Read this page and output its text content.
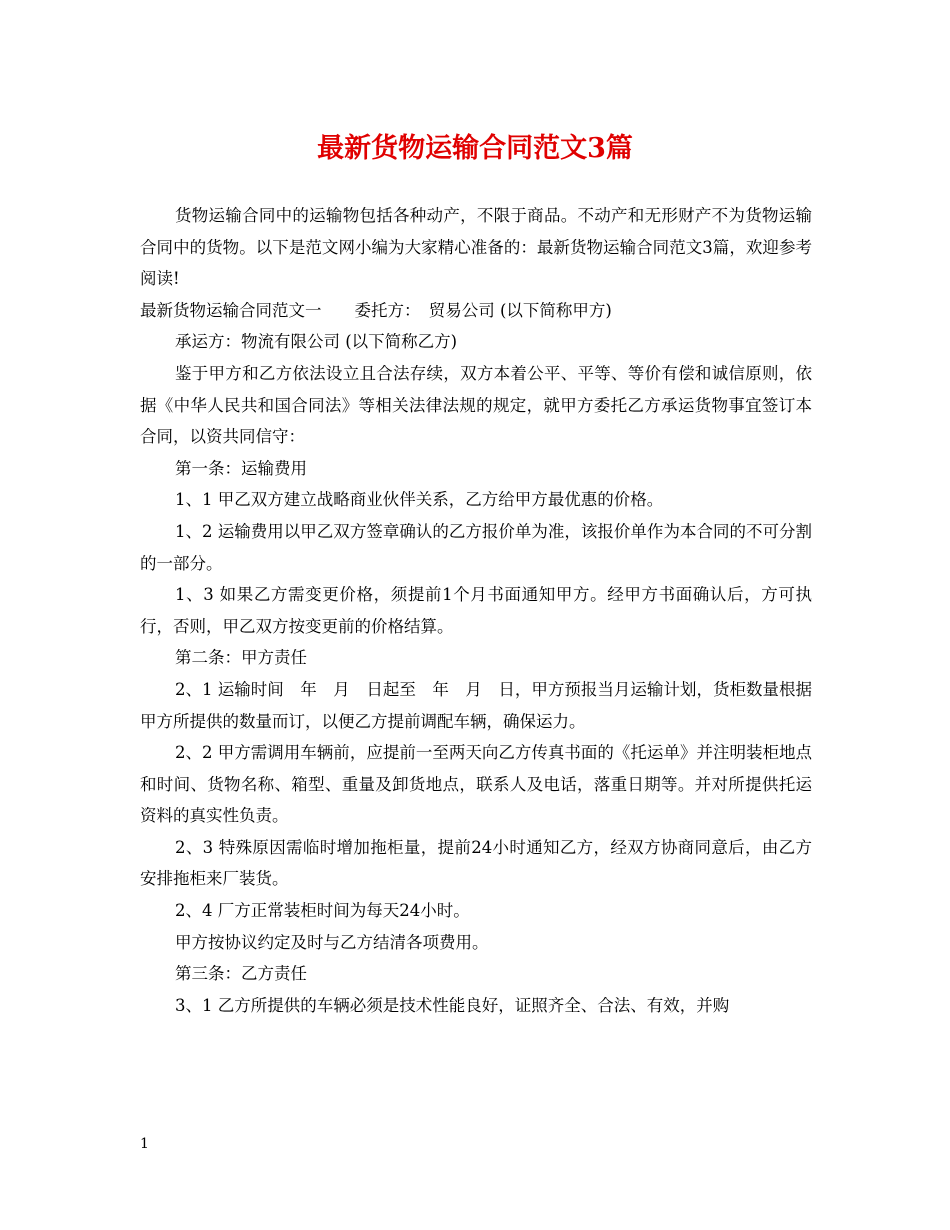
最新货物运输合同范文3篇

货物运输合同中的运输物包括各种动产，不限于商品。不动产和无形财产不为货物运输合同中的货物。以下是范文网小编为大家精心准备的：最新货物运输合同范文3篇，欢迎参考阅读!

最新货物运输合同范文一　　委托方：　贸易公司 (以下简称甲方)

承运方：物流有限公司 (以下简称乙方)

鉴于甲方和乙方依法设立且合法存续，双方本着公平、平等、等价有偿和诚信原则，依据《中华人民共和国合同法》等相关法律法规的规定，就甲方委托乙方承运货物事宜签订本合同，以资共同信守：

第一条：运输费用

1、1 甲乙双方建立战略商业伙伴关系，乙方给甲方最优惠的价格。

1、2 运输费用以甲乙双方签章确认的乙方报价单为准，该报价单作为本合同的不可分割的一部分。

1、3 如果乙方需变更价格，须提前1个月书面通知甲方。经甲方书面确认后，方可执行，否则，甲乙双方按变更前的价格结算。

第二条：甲方责任

2、1 运输时间　年　月　日起至　年　月　日，甲方预报当月运输计划，货柜数量根据甲方所提供的数量而订，以便乙方提前调配车辆，确保运力。

2、2 甲方需调用车辆前，应提前一至两天向乙方传真书面的《托运单》并注明装柜地点和时间、货物名称、箱型、重量及卸货地点，联系人及电话，落重日期等。并对所提供托运资料的真实性负责。

2、3 特殊原因需临时增加拖柜量，提前24小时通知乙方，经双方协商同意后，由乙方安排拖柜来厂装货。

2、4 厂方正常装柜时间为每天24小时。

甲方按协议约定及时与乙方结清各项费用。

第三条：乙方责任

3、1 乙方所提供的车辆必须是技术性能良好，证照齐全、合法、有效，并购

1
